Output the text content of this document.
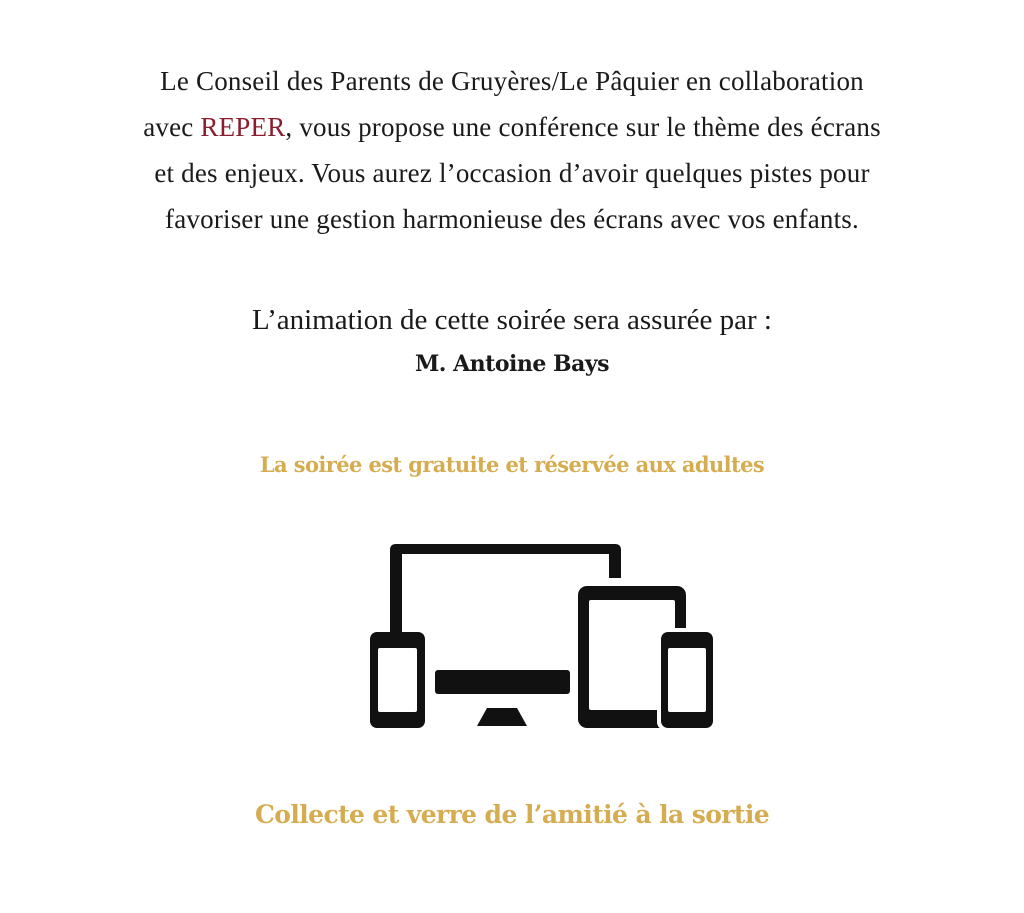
Le Conseil des Parents de Gruyères/Le Pâquier en collaboration
avec REPER, vous propose une conférence sur le thème des écrans
et des enjeux. Vous aurez l’occasion d’avoir quelques pistes pour
favoriser une gestion harmonieuse des écrans avec vos enfants.
L’animation de cette soirée sera assurée par :
M. Antoine Bays
La soirée est gratuite et réservée aux adultes
Collecte et verre de l’amitié à la sortie
